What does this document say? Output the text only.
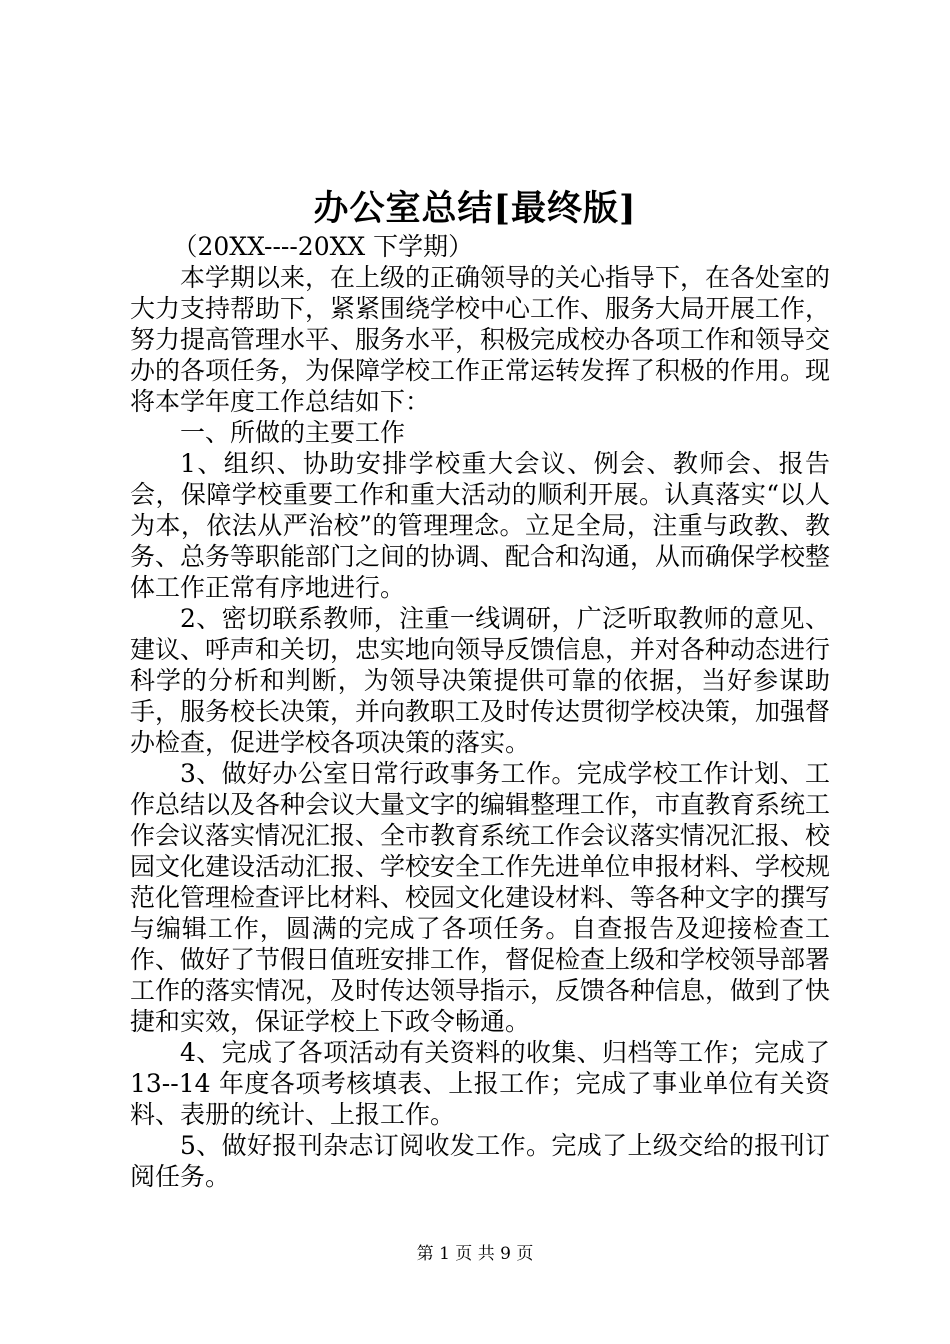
办公室总结[最终版]

（20XX----20XX 下学期）

本学期以来，在上级的正确领导的关心指导下，在各处室的大力支持帮助下，紧紧围绕学校中心工作、服务大局开展工作，努力提高管理水平、服务水平，积极完成校办各项工作和领导交办的各项任务，为保障学校工作正常运转发挥了积极的作用。现将本学年度工作总结如下：

一、所做的主要工作

1、组织、协助安排学校重大会议、例会、教师会、报告会，保障学校重要工作和重大活动的顺利开展。认真落实“以人为本，依法从严治校”的管理理念。立足全局，注重与政教、教务、总务等职能部门之间的协调、配合和沟通，从而确保学校整体工作正常有序地进行。

2、密切联系教师，注重一线调研，广泛听取教师的意见、建议、呼声和关切，忠实地向领导反馈信息，并对各种动态进行科学的分析和判断，为领导决策提供可靠的依据，当好参谋助手，服务校长决策，并向教职工及时传达贯彻学校决策，加强督办检查，促进学校各项决策的落实。

3、做好办公室日常行政事务工作。完成学校工作计划、工作总结以及各种会议大量文字的编辑整理工作，市直教育系统工作会议落实情况汇报、全市教育系统工作会议落实情况汇报、校园文化建设活动汇报、学校安全工作先进单位申报材料、学校规范化管理检查评比材料、校园文化建设材料、等各种文字的撰写与编辑工作，圆满的完成了各项任务。自查报告及迎接检查工作、做好了节假日值班安排工作，督促检查上级和学校领导部署工作的落实情况，及时传达领导指示，反馈各种信息，做到了快捷和实效，保证学校上下政令畅通。

4、完成了各项活动有关资料的收集、归档等工作；完成了13--14 年度各项考核填表、上报工作；完成了事业单位有关资料、表册的统计、上报工作。

5、做好报刊杂志订阅收发工作。完成了上级交给的报刊订阅任务。

第 1 页 共 9 页
